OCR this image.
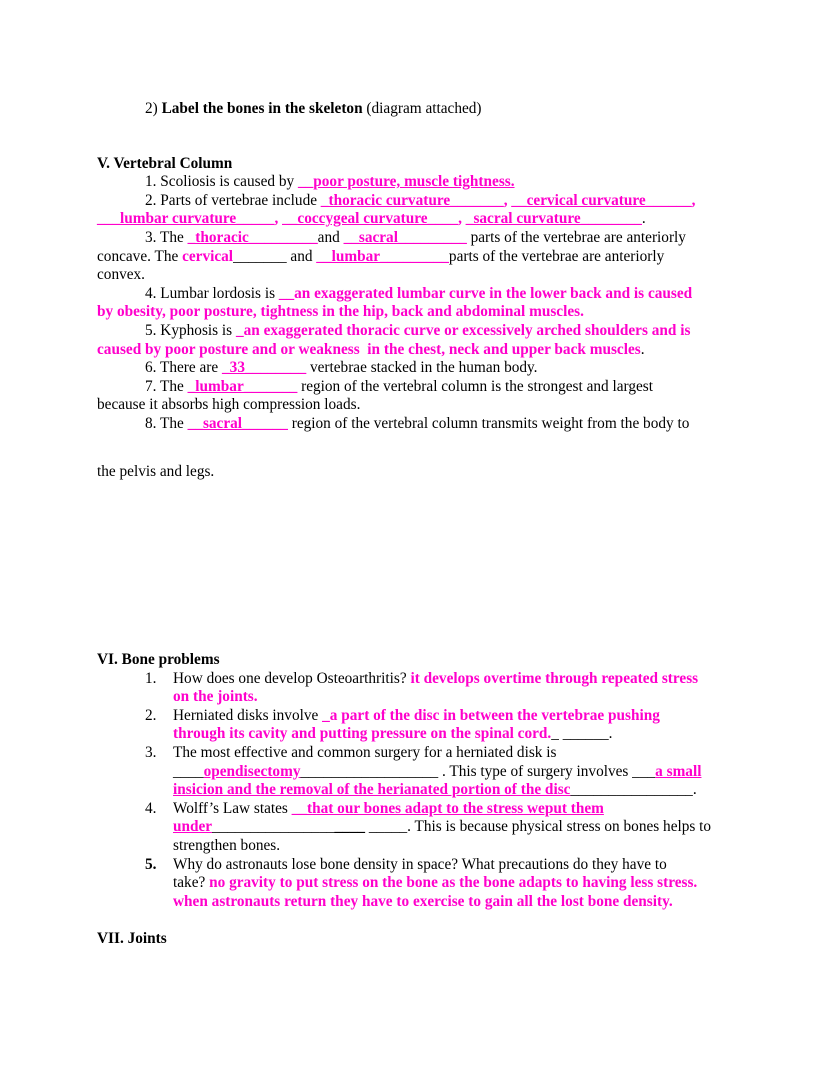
2) Label the bones in the skeleton (diagram attached)
V. Vertebral Column
1. Scoliosis is caused by __poor posture, muscle tightness.
2. Parts of vertebrae include _thoracic curvature_______, __cervical curvature______,
___lumbar curvature_____, __coccygeal curvature____, _sacral curvature________.
3. The _thoracic_________and __sacral_________ parts of the vertebrae are anteriorly
concave. The cervical_______ and __lumbar_________parts of the vertebrae are anteriorly
convex.
4. Lumbar lordosis is __an exaggerated lumbar curve in the lower back and is caused
by obesity, poor posture, tightness in the hip, back and abdominal muscles.
5. Kyphosis is _an exaggerated thoracic curve or excessively arched shoulders and is
caused by poor posture and or weakness  in the chest, neck and upper back muscles.
6. There are _33________ vertebrae stacked in the human body.
7. The _lumbar_______ region of the vertebral column is the strongest and largest
because it absorbs high compression loads.
8. The __sacral______ region of the vertebral column transmits weight from the body to
the pelvis and legs.
VI. Bone problems
1. How does one develop Osteoarthritis? it develops overtime through repeated stress
on the joints.
2. Herniated disks involve _a part of the disc in between the vertebrae pushing
through its cavity and putting pressure on the spinal cord._ ______.
3. The most effective and common surgery for a herniated disk is
____opendisectomy__________________ . This type of surgery involves ___a small
insicion and the removal of the herianated portion of the disc________________.
4. Wolff’s Law states __that our bones adapt to the stress weput them
under____________________ _____. This is because physical stress on bones helps to
strengthen bones.
5. Why do astronauts lose bone density in space? What precautions do they have to
take? no gravity to put stress on the bone as the bone adapts to having less stress.
when astronauts return they have to exercise to gain all the lost bone density.
VII. Joints
